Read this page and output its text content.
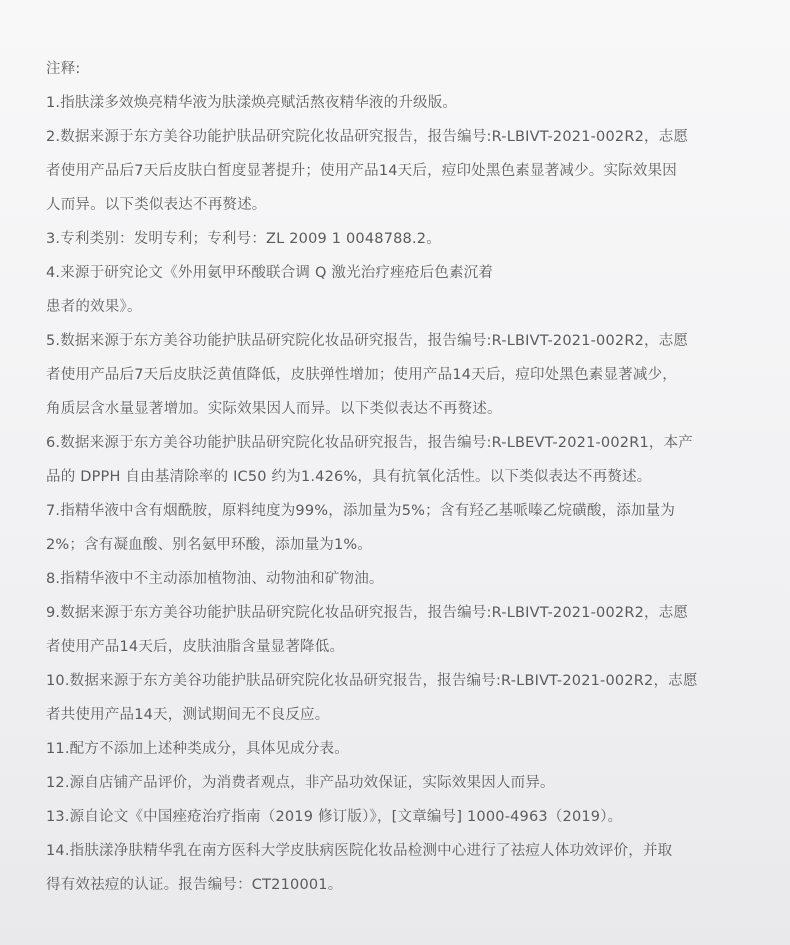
注释:
1.指肤漾多效焕亮精华液为肤漾焕亮赋活熬夜精华液的升级版。
2.数据来源于东方美谷功能护肤品研究院化妆品研究报告，报告编号:R-LBIVT-2021-002R2，志愿
者使用产品后7天后皮肤白皙度显著提升；使用产品14天后，痘印处黑色素显著减少。实际效果因
人而异。以下类似表达不再赘述。
3.专利类别：发明专利；专利号：ZL 2009 1 0048788.2。
4.来源于研究论文《外用氨甲环酸联合调 Q 激光治疗痤疮后色素沉着
患者的效果》。
5.数据来源于东方美谷功能护肤品研究院化妆品研究报告，报告编号:R-LBIVT-2021-002R2，志愿
者使用产品后7天后皮肤泛黄值降低，皮肤弹性增加；使用产品14天后，痘印处黑色素显著减少，
角质层含水量显著增加。实际效果因人而异。以下类似表达不再赘述。
6.数据来源于东方美谷功能护肤品研究院化妆品研究报告，报告编号:R-LBEVT-2021-002R1，本产
品的 DPPH 自由基清除率的 IC50 约为1.426%，具有抗氧化活性。以下类似表达不再赘述。
7.指精华液中含有烟酰胺，原料纯度为99%，添加量为5%；含有羟乙基哌嗪乙烷磺酸，添加量为
2%；含有凝血酸、别名氨甲环酸，添加量为1%。
8.指精华液中不主动添加植物油、动物油和矿物油。
9.数据来源于东方美谷功能护肤品研究院化妆品研究报告，报告编号:R-LBIVT-2021-002R2，志愿
者使用产品14天后，皮肤油脂含量显著降低。
10.数据来源于东方美谷功能护肤品研究院化妆品研究报告，报告编号:R-LBIVT-2021-002R2，志愿
者共使用产品14天，测试期间无不良反应。
11.配方不添加上述种类成分，具体见成分表。
12.源自店铺产品评价，为消费者观点，非产品功效保证，实际效果因人而异。
13.源自论文《中国痤疮治疗指南（2019 修订版）》，[文章编号] 1000-4963（2019）。
14.指肤漾净肤精华乳在南方医科大学皮肤病医院化妆品检测中心进行了祛痘人体功效评价，并取
得有效祛痘的认证。报告编号：CT210001。
